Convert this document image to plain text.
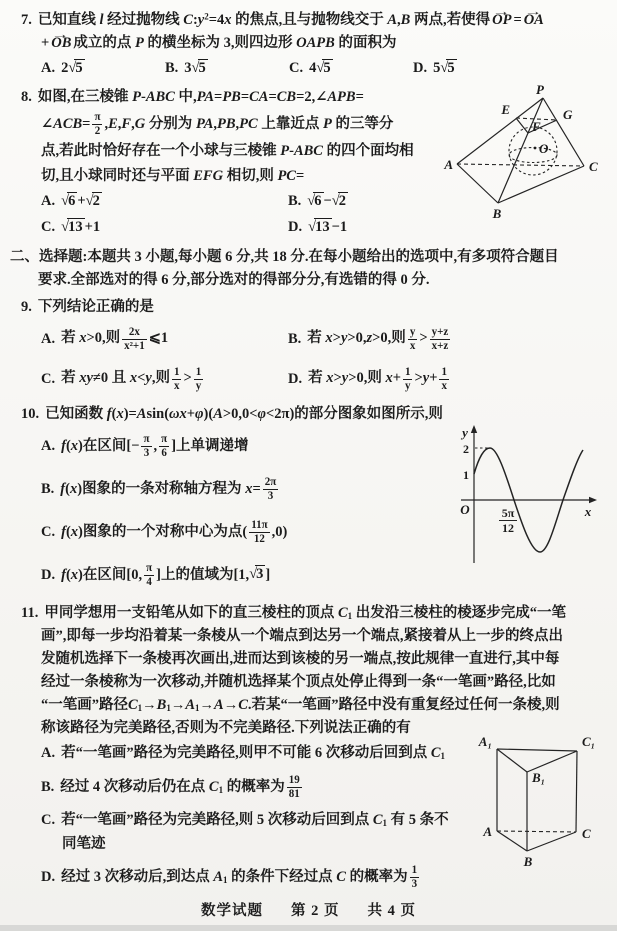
7. 已知直线 l 经过抛物线 $C:y^2=4x$ 的焦点,且与抛物线交于 A,B 两点,若使得 OP → = OA →
+ OB → 成立的点 P 的横坐标为 3,则四边形 OAPB 的面积为
A. 2√5	B. 3√5	C. 4√5	D. 5√5
8. 如图,在三棱锥 P-ABC 中,PA=PB=CA=CB=2,∠APB=
∠ACB= $\frac{\pi}{2} ,E,F,G$ 分别为 PA,PB,PC 上靠近点 P 的三等分
点,若此时恰好存在一个小球与三棱锥 P-ABC 的四个面均相
切,且小球同时还与平面 EFG 相切,则 PC=
A. √6 +√2	B. √6 −√2
C. √13 +1	D. √13 −1
二、选择题:本题共 3 小题,每小题 6 分,共 18 分.在每小题给出的选项中,有多项符合题目
要求.全部选对的得 6 分,部分选对的得部分分,有选错的得 0 分.
9. 下列结论正确的是
A. 若 x>0,则 $\frac{2x}{\text{x²+1}}$ ⩽1	B. 若 x>y>0,z>0,则 $\frac{y}{x} > \frac{y+z}{x+z}$
C. 若 xy≠0 且 x<y,则 $\frac{1}{x} > \frac{1}{y}$	D. 若 x>y>0,则 $x+ \frac{1}{y} >y+ \frac{1}{x}$
10. 已知函数 f(x)=Asin(ωx+φ)(A>0,0<φ<2π)的部分图象如图所示,则
A. f(x)在区间[− $\frac{\pi}{3}$ , $\frac{\pi}{6}$ ]上单调递增
B. f(x)图象的一条对称轴方程为 $x= \frac{2\pi}{3}$
C. f(x)图象的一个对称中心为点( $\frac{11\pi}{12} ,0$)
D. f(x)在区间[0, $\frac{\pi}{4}$ ]上的值域为[1,√3 ]
11. 甲同学想用一支铅笔从如下的直三棱柱的顶点 $C_1$ 出发沿三棱柱的棱逐步完成“一笔
画”,即每一步均沿着某一条棱从一个端点到达另一个端点,紧接着从上一步的终点出
发随机选择下一条棱再次画出,进而达到该棱的另一端点,按此规律一直进行,其中每
经过一条棱称为一次移动,并随机选择某个顶点处停止得到一条“一笔画”路径,比如
“一笔画”路径$C_1\to B_1\to A_1\to A\to C$.若某“一笔画”路径中没有重复经过任何一条棱,则
称该路径为完美路径,否则为不完美路径.下列说法正确的有
A. 若“一笔画”路径为完美路径,则甲不可能 6 次移动后回到点 $C_1$
B. 经过 4 次移动后仍在点 $C_1$ 的概率为 $\frac{19}{81}$
C. 若“一笔画”路径为完美路径,则 5 次移动后回到点 $C_1$ 有 5 条不
同笔迹
D. 经过 3 次移动后,到达点 $A_1$ 的条件下经过点 C 的概率为 $\frac{1}{3}$
P
E	G
F
O
A
B
C
y
2
1
O	x
5π
12
A₁	C₁
B₁
A	C
B
数学试题 第 2 页 共 4 页
